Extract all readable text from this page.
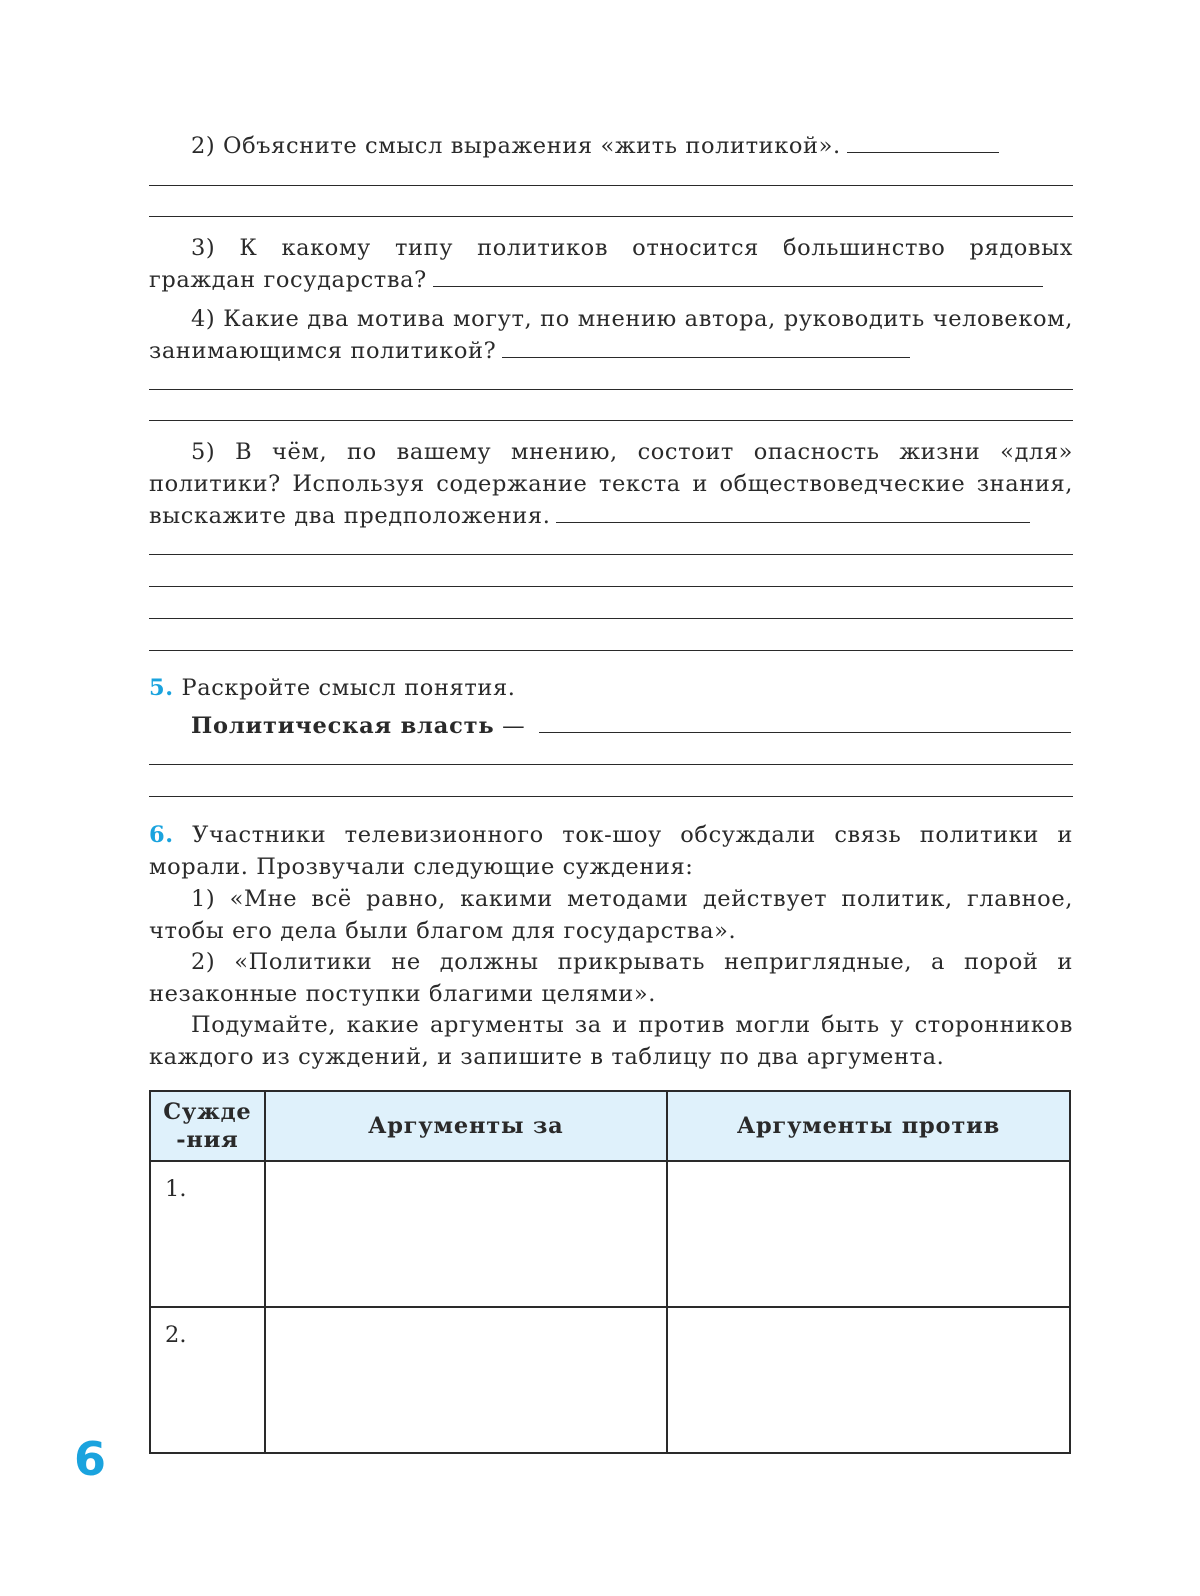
2) Объясните смысл выражения «жить политикой».
3) К какому типу политиков относится большинство рядовых граждан государства?
4) Какие два мотива могут, по мнению автора, руководить человеком, занимающимся политикой?
5) В чём, по вашему мнению, состоит опасность жизни «для» политики? Используя содержание текста и обществоведческие знания, выскажите два предположения.
5. Раскройте смысл понятия.
Политическая власть —
6. Участники телевизионного ток-шоу обсуждали связь политики и морали. Прозвучали следующие суждения:
1) «Мне всё равно, какими методами действует политик, главное, чтобы его дела были благом для государства».
2) «Политики не должны прикрывать неприглядные, а порой и незаконные поступки благими целями».
Подумайте, какие аргументы за и против могли быть у сторонников каждого из суждений, и запишите в таблицу по два аргумента.
Сужде-ния	Аргументы за	Аргументы против
1.		
2.		
6
